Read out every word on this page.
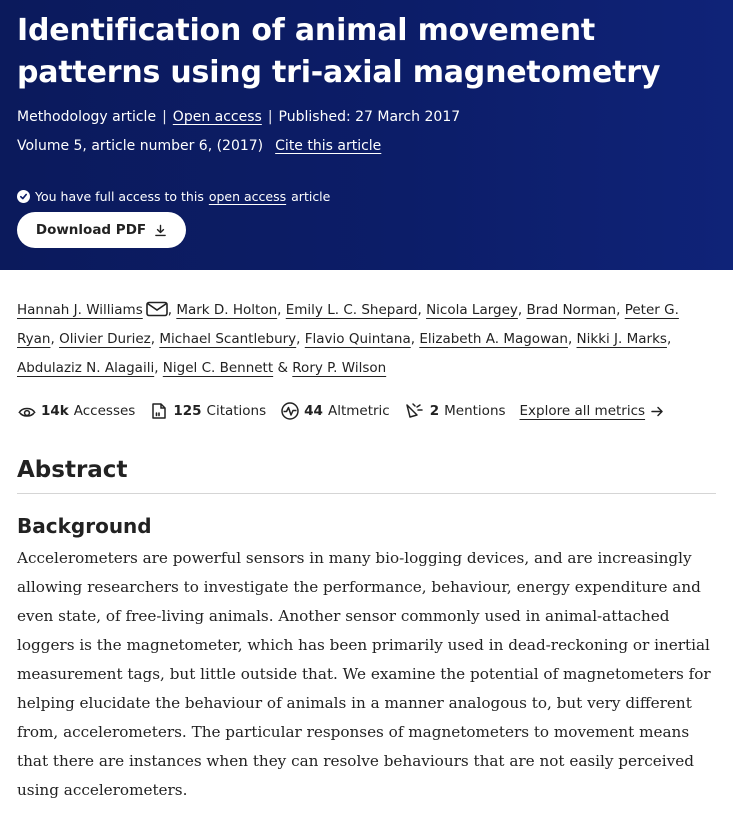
Identification of animal movement patterns using tri-axial magnetometry
Methodology article | Open access | Published: 27 March 2017
Volume 5, article number 6, (2017) Cite this article
You have full access to this open access article
Download PDF
Hannah J. Williams , Mark D. Holton, Emily L. C. Shepard, Nicola Largey, Brad Norman, Peter G. Ryan, Olivier Duriez, Michael Scantlebury, Flavio Quintana, Elizabeth A. Magowan, Nikki J. Marks, Abdulaziz N. Alagaili, Nigel C. Bennett & Rory P. Wilson
14k Accesses	125 Citations	44 Altmetric	2 Mentions Explore all metrics
Abstract
Background

Accelerometers are powerful sensors in many bio-logging devices, and are increasingly allowing researchers to investigate the performance, behaviour, energy expenditure and even state, of free-living animals. Another sensor commonly used in animal-attached loggers is the magnetometer, which has been primarily used in dead-reckoning or inertial measurement tags, but little outside that. We examine the potential of magnetometers for helping elucidate the behaviour of animals in a manner analogous to, but very different from, accelerometers. The particular responses of magnetometers to movement means that there are instances when they can resolve behaviours that are not easily perceived using accelerometers.
